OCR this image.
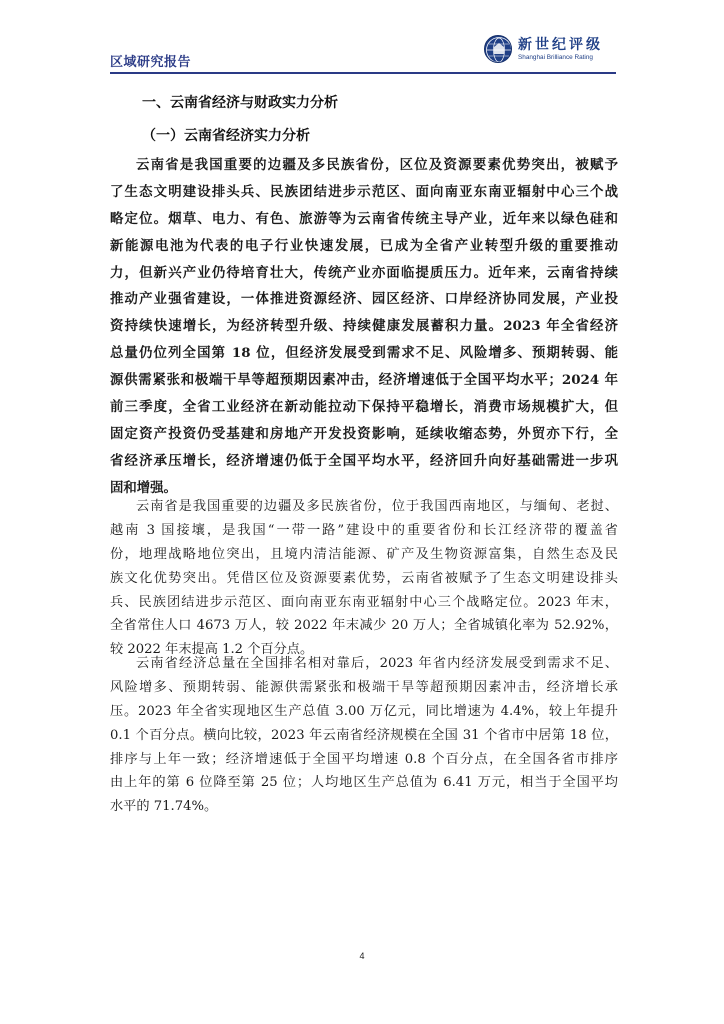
区域研究报告
新世纪评级
Shanghai Brilliance Rating
一、云南省经济与财政实力分析
（一）云南省经济实力分析
云南省是我国重要的边疆及多民族省份，区位及资源要素优势突出，被赋予
了生态文明建设排头兵、民族团结进步示范区、面向南亚东南亚辐射中心三个战
略定位。烟草、电力、有色、旅游等为云南省传统主导产业，近年来以绿色硅和
新能源电池为代表的电子行业快速发展，已成为全省产业转型升级的重要推动
力，但新兴产业仍待培育壮大，传统产业亦面临提质压力。近年来，云南省持续
推动产业强省建设，一体推进资源经济、园区经济、口岸经济协同发展，产业投
资持续快速增长，为经济转型升级、持续健康发展蓄积力量。2023 年全省经济
总量仍位列全国第 18 位，但经济发展受到需求不足、风险增多、预期转弱、能
源供需紧张和极端干旱等超预期因素冲击，经济增速低于全国平均水平；2024 年
前三季度，全省工业经济在新动能拉动下保持平稳增长，消费市场规模扩大，但
固定资产投资仍受基建和房地产开发投资影响，延续收缩态势，外贸亦下行，全
省经济承压增长，经济增速仍低于全国平均水平，经济回升向好基础需进一步巩
固和增强。
云南省是我国重要的边疆及多民族省份，位于我国西南地区，与缅甸、老挝、
越南 3 国接壤，是我国“一带一路”建设中的重要省份和长江经济带的覆盖省
份，地理战略地位突出，且境内清洁能源、矿产及生物资源富集，自然生态及民
族文化优势突出。凭借区位及资源要素优势，云南省被赋予了生态文明建设排头
兵、民族团结进步示范区、面向南亚东南亚辐射中心三个战略定位。2023 年末，
全省常住人口 4673 万人，较 2022 年末减少 20 万人；全省城镇化率为 52.92%，
较 2022 年末提高 1.2 个百分点。
云南省经济总量在全国排名相对靠后，2023 年省内经济发展受到需求不足、
风险增多、预期转弱、能源供需紧张和极端干旱等超预期因素冲击，经济增长承
压。2023 年全省实现地区生产总值 3.00 万亿元，同比增速为 4.4%，较上年提升
0.1 个百分点。横向比较，2023 年云南省经济规模在全国 31 个省市中居第 18 位，
排序与上年一致；经济增速低于全国平均增速 0.8 个百分点，在全国各省市排序
由上年的第 6 位降至第 25 位；人均地区生产总值为 6.41 万元，相当于全国平均
水平的 71.74%。
4
